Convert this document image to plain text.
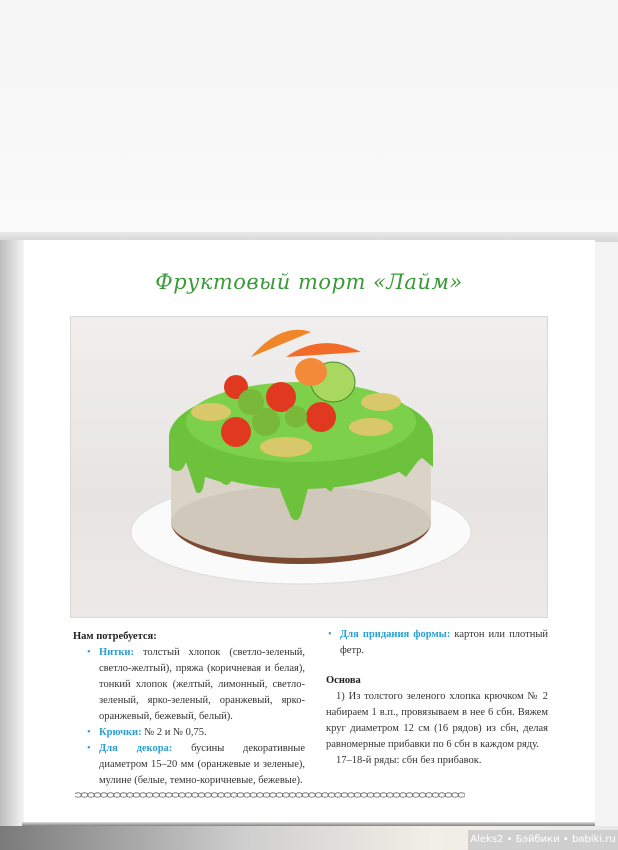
Фруктовый торт «Лайм»
Нам потребуется:
• Нитки: толстый хлопок (светло-зеленый, светло-желтый), пряжа (коричневая и белая), тонкий хлопок (желтый, лимонный, светло-зеленый, ярко-зеленый, оранжевый, ярко-оранжевый, бежевый, белый).
• Крючки: № 2 и № 0,75.
• Для декора: бусины декоративные диаметром 15–20 мм (оранжевые и зеленые), мулине (белые, темно-коричневые, бежевые).
• Для придания формы: картон или плотный фетр.
Основа

1) Из толстого зеленого хлопка крючком № 2 набираем 1 в.п., провязываем в нее 6 сбн. Вяжем круг диаметром 12 см (16 рядов) из сбн, делая равномерные прибавки по 6 сбн в каждом ряду.

17–18-й ряды: сбн без прибавок.

Aleks2 • Бэйбики • babiki.ru
